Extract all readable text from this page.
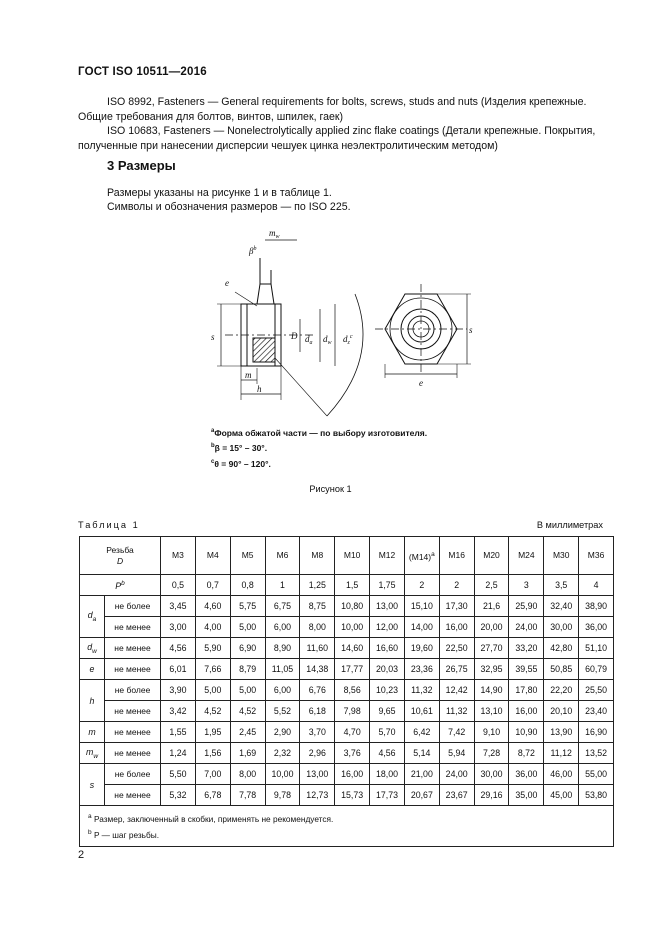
ГОСТ ISO 10511—2016
ISO 8992, Fasteners — General requirements for bolts, screws, studs and nuts (Изделия крепежные.
Общие требования для болтов, винтов, шпилек, гаек)
ISO 10683, Fasteners — Nonelectrolytically applied zinc flake coatings (Детали крепежные. Покрытия,
полученные при нанесении дисперсии чешуек цинка неэлектролитическим методом)
3 Размеры
Размеры указаны на рисунке 1 и в таблице 1.
Символы и обозначения размеров — по ISO 225.
$m_w$
$\beta^b$
e
s	D $d_a$ $d_w$ $d_z^c$
m
h
s
e
$^a$Форма обжатой части — по выбору изготовителя.
$^b$β = 15° – 30°.
$^c$θ = 90° – 120°.
Рисунок 1
Таблица 1	В миллиметрах
Резьба
D		М3	М4	М5	М6	М8	М10	М12	$(М14)^a$	М16	М20	М24	М30	М36
$P^b$		0,5	0,7	0,8	1	1,25	1,5	1,75	2	2	2,5	3	3,5	4
$d_a$	не более	3,45	4,60	5,75	6,75	8,75	10,80	13,00	15,10	17,30	21,6	25,90	32,40	38,90
	не менее	3,00	4,00	5,00	6,00	8,00	10,00	12,00	14,00	16,00	20,00	24,00	30,00	36,00
$d_w$	не менее	4,56	5,90	6,90	8,90	11,60	14,60	16,60	19,60	22,50	27,70	33,20	42,80	51,10
e	не менее	6,01	7,66	8,79	11,05	14,38	17,77	20,03	23,36	26,75	32,95	39,55	50,85	60,79
h	не более	3,90	5,00	5,00	6,00	6,76	8,56	10,23	11,32	12,42	14,90	17,80	22,20	25,50
	не менее	3,42	4,52	4,52	5,52	6,18	7,98	9,65	10,61	11,32	13,10	16,00	20,10	23,40
m	не менее	1,55	1,95	2,45	2,90	3,70	4,70	5,70	6,42	7,42	9,10	10,90	13,90	16,90
$m_w$	не менее	1,24	1,56	1,69	2,32	2,96	3,76	4,56	5,14	5,94	7,28	8,72	11,12	13,52
s	не более	5,50	7,00	8,00	10,00	13,00	16,00	18,00	21,00	24,00	30,00	36,00	46,00	55,00
	не менее	5,32	6,78	7,78	9,78	12,73	15,73	17,73	20,67	23,67	29,16	35,00	45,00	53,80

$^a$ Размер, заключенный в скобки, применять не рекомендуется.
$^b$ P — шаг резьбы.														
2
